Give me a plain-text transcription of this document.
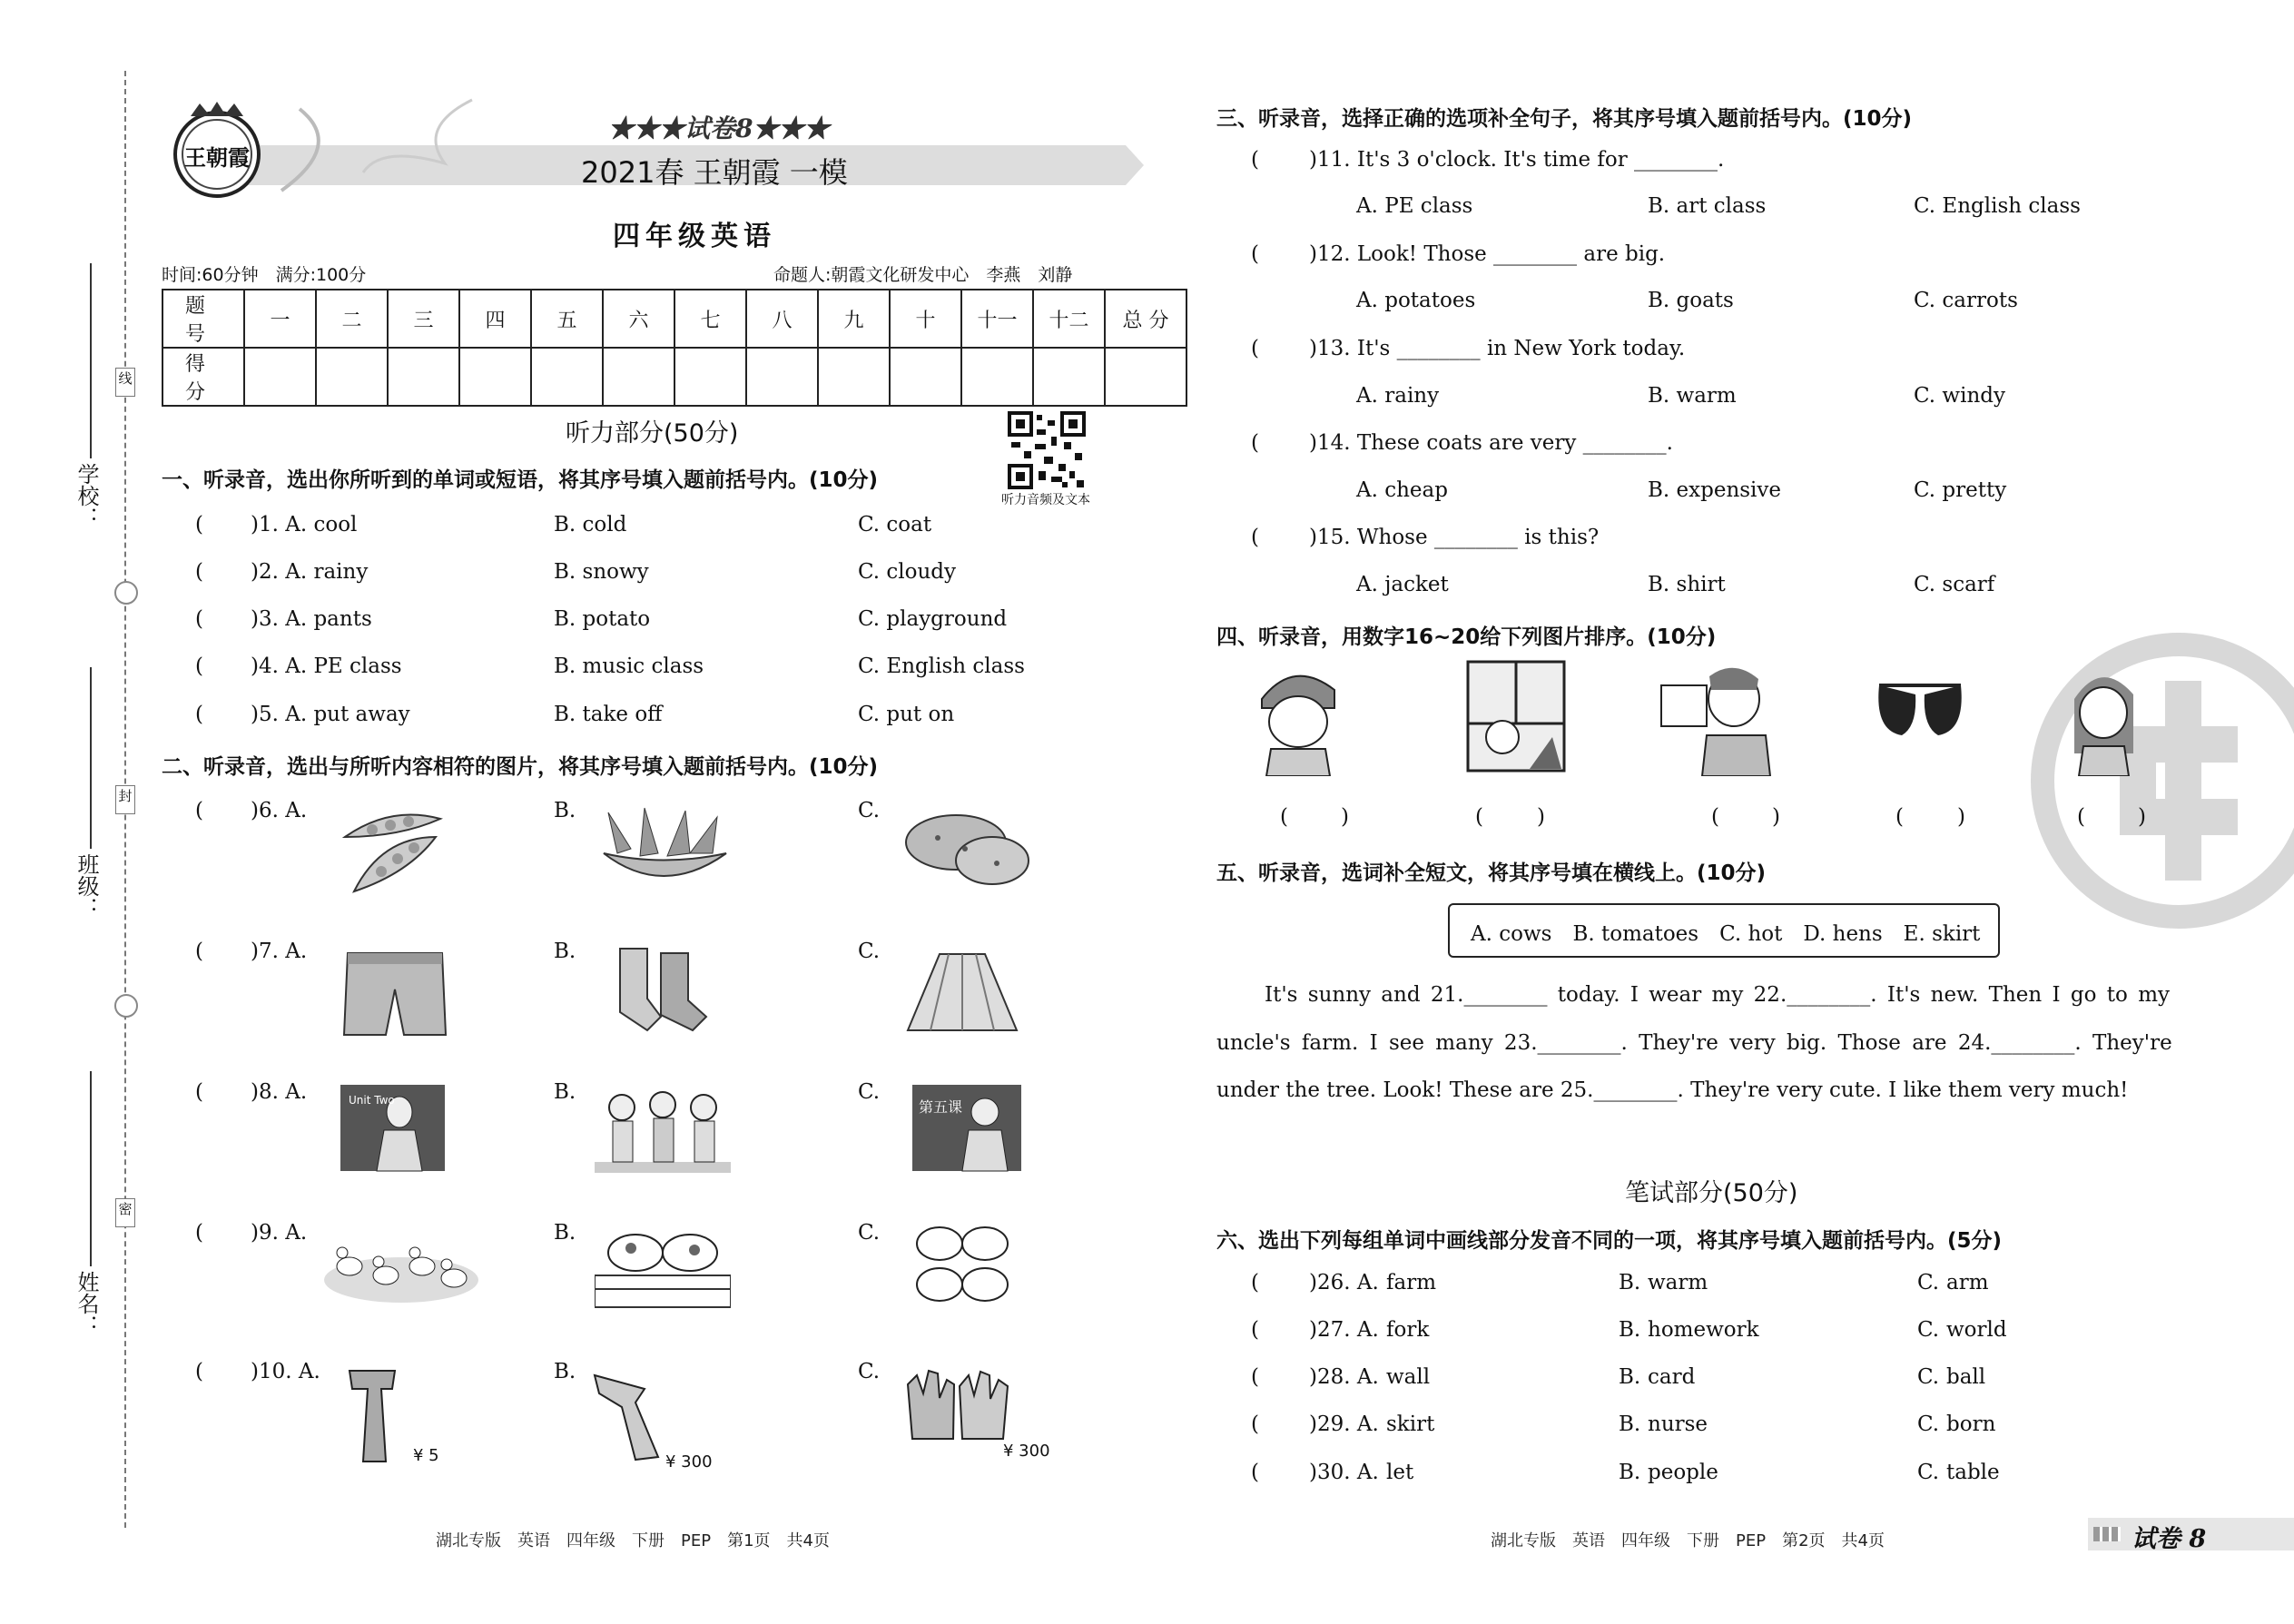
学校：
班级：
姓名：
线
封
密
王朝霞
★★★试卷8★★★
2021春 王朝霞 一模
四年级英语
时间:60分钟　满分:100分	命题人:朝霞文化研发中心　李燕　刘静
题 号	一	二	三	四	五	六	七	八	九	十	十一	十二	总 分
得 分													
听力部分(50分)
听力音频及文本
一、听录音，选出你所听到的单词或短语，将其序号填入题前括号内。(10分)
( )1. A. cool	B. cold	C. coat
( )2. A. rainy	B. snowy	C. cloudy
( )3. A. pants	B. potato	C. playground
( )4. A. PE class	B. music class	C. English class
( )5. A. put away	B. take off	C. put on
二、听录音，选出与所听内容相符的图片，将其序号填入题前括号内。(10分)
( )6. A.	B.	C.
( )7. A.	B.	C.
( )8. A.	B.	C.
Unit Two	第五课
( )9. A.	B.	C.
( )10. A.	B.	C.
¥ 5	¥ 300
¥ 300
湖北专版　英语　四年级　下册　PEP　第1页　共4页
三、听录音，选择正确的选项补全句子，将其序号填入题前括号内。(10分)
( )11. It's 3 o'clock. It's time for ________.
A. PE class	B. art class	C. English class
( )12. Look! Those ________ are big.
A. potatoes	B. goats	C. carrots
( )13. It's ________ in New York today.
A. rainy	B. warm	C. windy
( )14. These coats are very ________.
A. cheap	B. expensive	C. pretty
( )15. Whose ________ is this?
A. jacket	B. shirt	C. scarf
四、听录音，用数字16~20给下列图片排序。(10分)
(	)	(	)	(	)	(	)	(	)
五、听录音，选词补全短文，将其序号填在横线上。(10分)
A. cows　B. tomatoes　C. hot　D. hens　E. skirt
It's sunny and 21.________ today. I wear my 22.________. It's new. Then I go to my
uncle's farm. I see many 23.________. They're very big. Those are 24.________. They're
under the tree. Look! These are 25.________. They're very cute. I like them very much!
笔试部分(50分)
六、选出下列每组单词中画线部分发音不同的一项，将其序号填入题前括号内。(5分)
( )26. A. farm	B. warm	C. arm
( )27. A. fork	B. homework	C. world
( )28. A. wall	B. card	C. ball
( )29. A. skirt	B. nurse	C. born
( )30. A. let	B. people	C. table
湖北专版　英语　四年级　下册　PEP　第2页　共4页	试卷 8
